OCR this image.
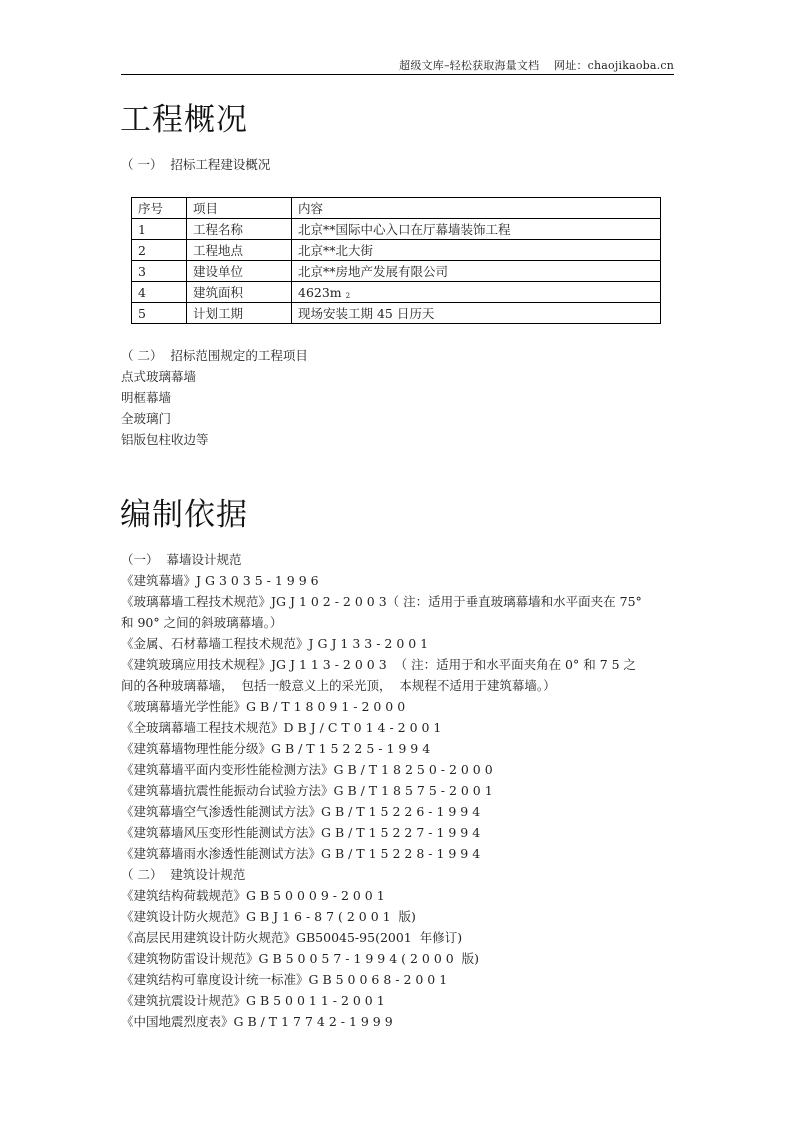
超级文库–轻松获取海量文档    网址：chaojikaoba.cn
工程概况
（ 一）  招标工程建设概况
序号	项目	内容
1	工程名称	北京**国际中心入口在厅幕墙装饰工程
2	工程地点	北京**北大街
3	建设单位	北京**房地产发展有限公司
4	建筑面积	4623m $_2$
5	计划工期	现场安装工期 45 日历天
（ 二）  招标范围规定的工程项目
点式玻璃幕墙
明框幕墙
全玻璃门
铝版包柱收边等
编制依据
（一）  幕墙设计规范
《建筑幕墙》J G 3 0 3 5 - 1 9 9 6
《玻璃幕墙工程技术规范》JG J 1 0 2 - 2 0 0 3（ 注：适用于垂直玻璃幕墙和水平面夹在 75°
和 90° 之间的斜玻璃幕墙。）
《金属、石材幕墙工程技术规范》J G J 1 3 3 - 2 0 0 1
《建筑玻璃应用技术规程》JG J 1 1 3 - 2 0 0 3  （ 注：适用于和水平面夹角在 0° 和 7 5 之
间的各种玻璃幕墙，  包括一般意义上的采光顶，  本规程不适用于建筑幕墙。）
《玻璃幕墙光学性能》G B / T 1 8 0 9 1 - 2 0 0 0
《全玻璃幕墙工程技术规范》D B J / C T 0 1 4 - 2 0 0 1
《建筑幕墙物理性能分级》G B / T 1 5 2 2 5 - 1 9 9 4
《建筑幕墙平面内变形性能检测方法》G B / T 1 8 2 5 0 - 2 0 0 0
《建筑幕墙抗震性能振动台试验方法》G B / T 1 8 5 7 5 - 2 0 0 1
《建筑幕墙空气渗透性能测试方法》G B / T 1 5 2 2 6 - 1 9 9 4
《建筑幕墙风压变形性能测试方法》G B / T 1 5 2 2 7 - 1 9 9 4
《建筑幕墙雨水渗透性能测试方法》G B / T 1 5 2 2 8 - 1 9 9 4
（ 二）  建筑设计规范
《建筑结构荷载规范》G B 5 0 0 0 9 - 2 0 0 1
《建筑设计防火规范》G B J 1 6 - 8 7 ( 2 0 0 1  版)
《高层民用建筑设计防火规范》GB50045-95(2001  年修订)
《建筑物防雷设计规范》G B 5 0 0 5 7 - 1 9 9 4 ( 2 0 0 0  版)
《建筑结构可靠度设计统一标准》G B 5 0 0 6 8 - 2 0 0 1
《建筑抗震设计规范》G B 5 0 0 1 1 - 2 0 0 1
《中国地震烈度表》G B / T 1 7 7 4 2 - 1 9 9 9
